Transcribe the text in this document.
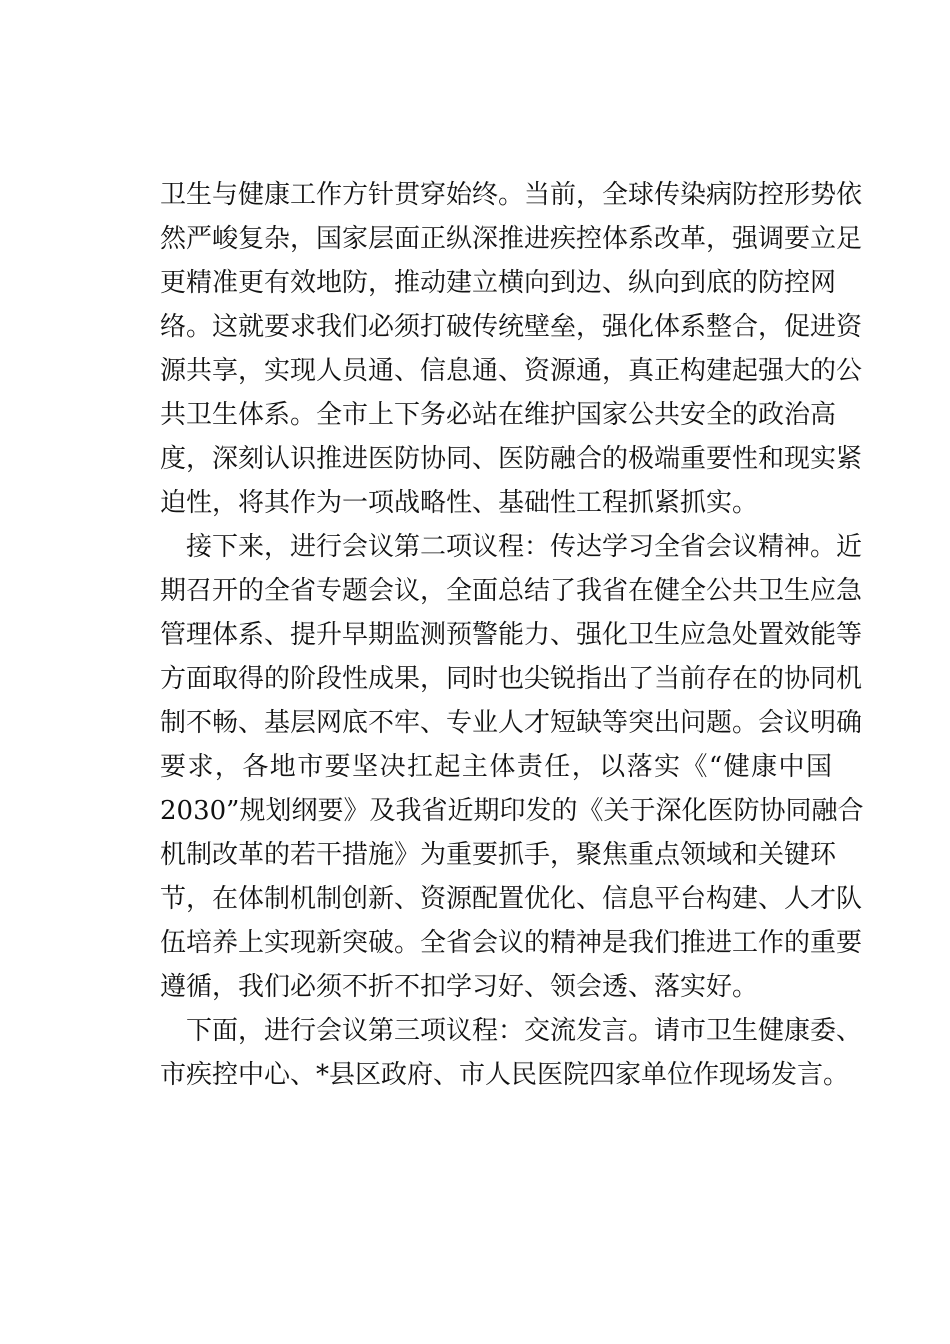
卫生与健康工作方针贯穿始终。当前，全球传染病防控形势依
然严峻复杂，国家层面正纵深推进疾控体系改革，强调要立足
更精准更有效地防，推动建立横向到边、纵向到底的防控网
络。这就要求我们必须打破传统壁垒，强化体系整合，促进资
源共享，实现人员通、信息通、资源通，真正构建起强大的公
共卫生体系。全市上下务必站在维护国家公共安全的政治高
度，深刻认识推进医防协同、医防融合的极端重要性和现实紧
迫性，将其作为一项战略性、基础性工程抓紧抓实。
　接下来，进行会议第二项议程：传达学习全省会议精神。近
期召开的全省专题会议，全面总结了我省在健全公共卫生应急
管理体系、提升早期监测预警能力、强化卫生应急处置效能等
方面取得的阶段性成果，同时也尖锐指出了当前存在的协同机
制不畅、基层网底不牢、专业人才短缺等突出问题。会议明确
要求，各地市要坚决扛起主体责任，以落实《“健康中国
2030”规划纲要》及我省近期印发的《关于深化医防协同融合
机制改革的若干措施》为重要抓手，聚焦重点领域和关键环
节，在体制机制创新、资源配置优化、信息平台构建、人才队
伍培养上实现新突破。全省会议的精神是我们推进工作的重要
遵循，我们必须不折不扣学习好、领会透、落实好。
　下面，进行会议第三项议程：交流发言。请市卫生健康委、
市疾控中心、*县区政府、市人民医院四家单位作现场发言。
